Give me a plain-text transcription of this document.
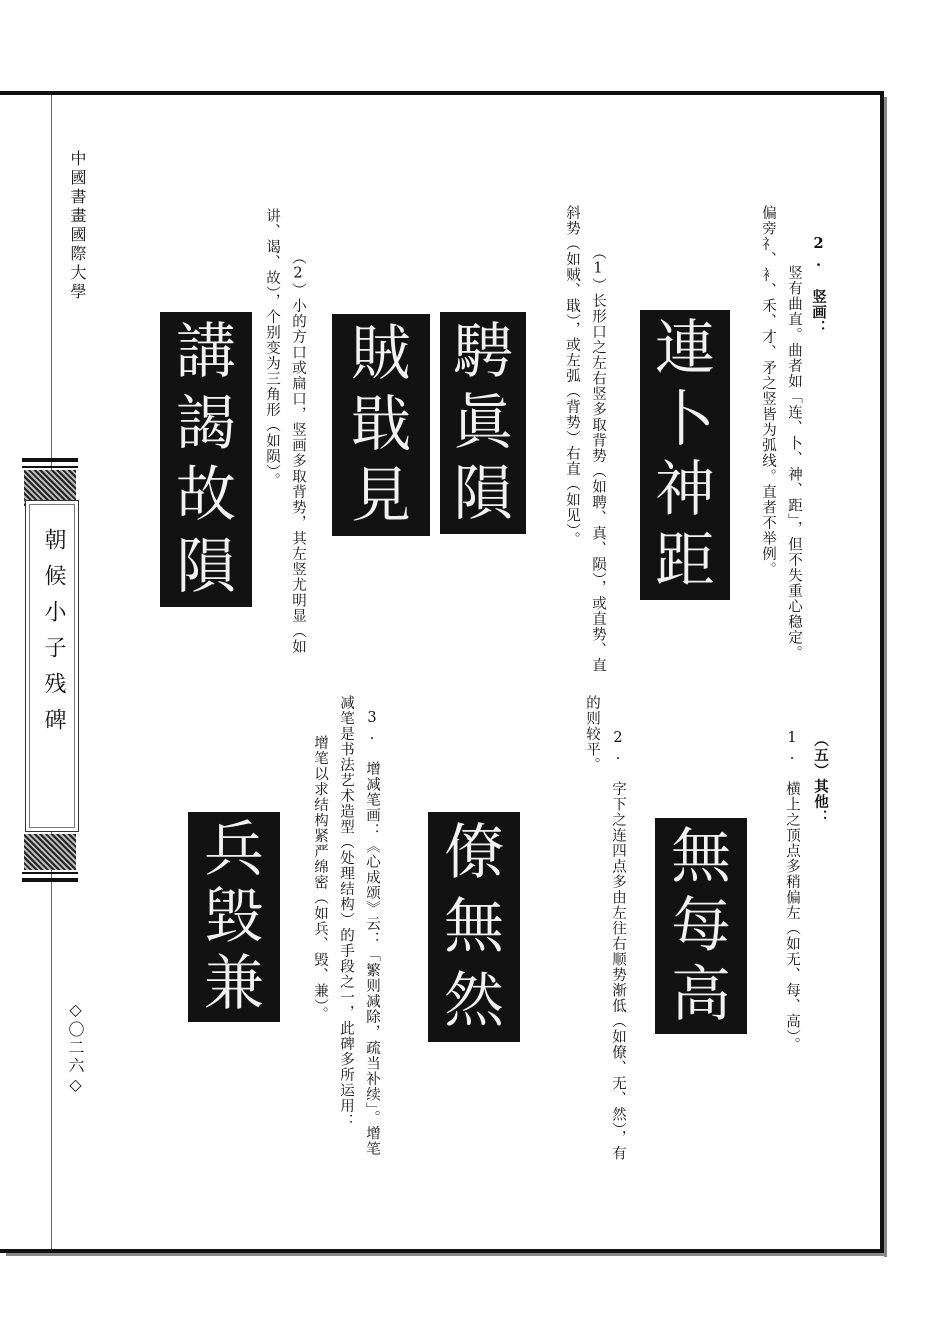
中國書畫國際大學
朝候小子残碑
◇〇二六◇
2. 竖画：
竖有曲直。曲者如「连、卜、神、距」，但不失重心稳定。
偏旁礻、衤、禾、才、矛之竖皆为弧线。直者不举例。
（1）长形口之左右竖多取背势（如聘、真、陨），或直势、直
斜势（如贼、戢），或左弧（背势）右直（如见）。
（2）小的方口或扁口，竖画多取背势，其左竖尤明显（如
讲、谒、故），个别变为三角形（如陨）。
（五）其他：
1. 横上之顶点多稍偏左（如无、每、高）。
2. 字下之连四点多由左往右顺势渐低（如僚、无、然），有
的则较平。
3. 增减笔画：《心成颂》云：「繁则减除，疏当补续」。增笔
减笔是书法艺术造型（处理结构）的手段之一，此碑多所运用：
增笔以求结构紧严绵密（如兵、毁、兼）。
連
卜
神
距
騁
眞
隕
賊
戢
見
講
謁
故
隕
無
每
高
僚
無
然
兵
毀
兼
